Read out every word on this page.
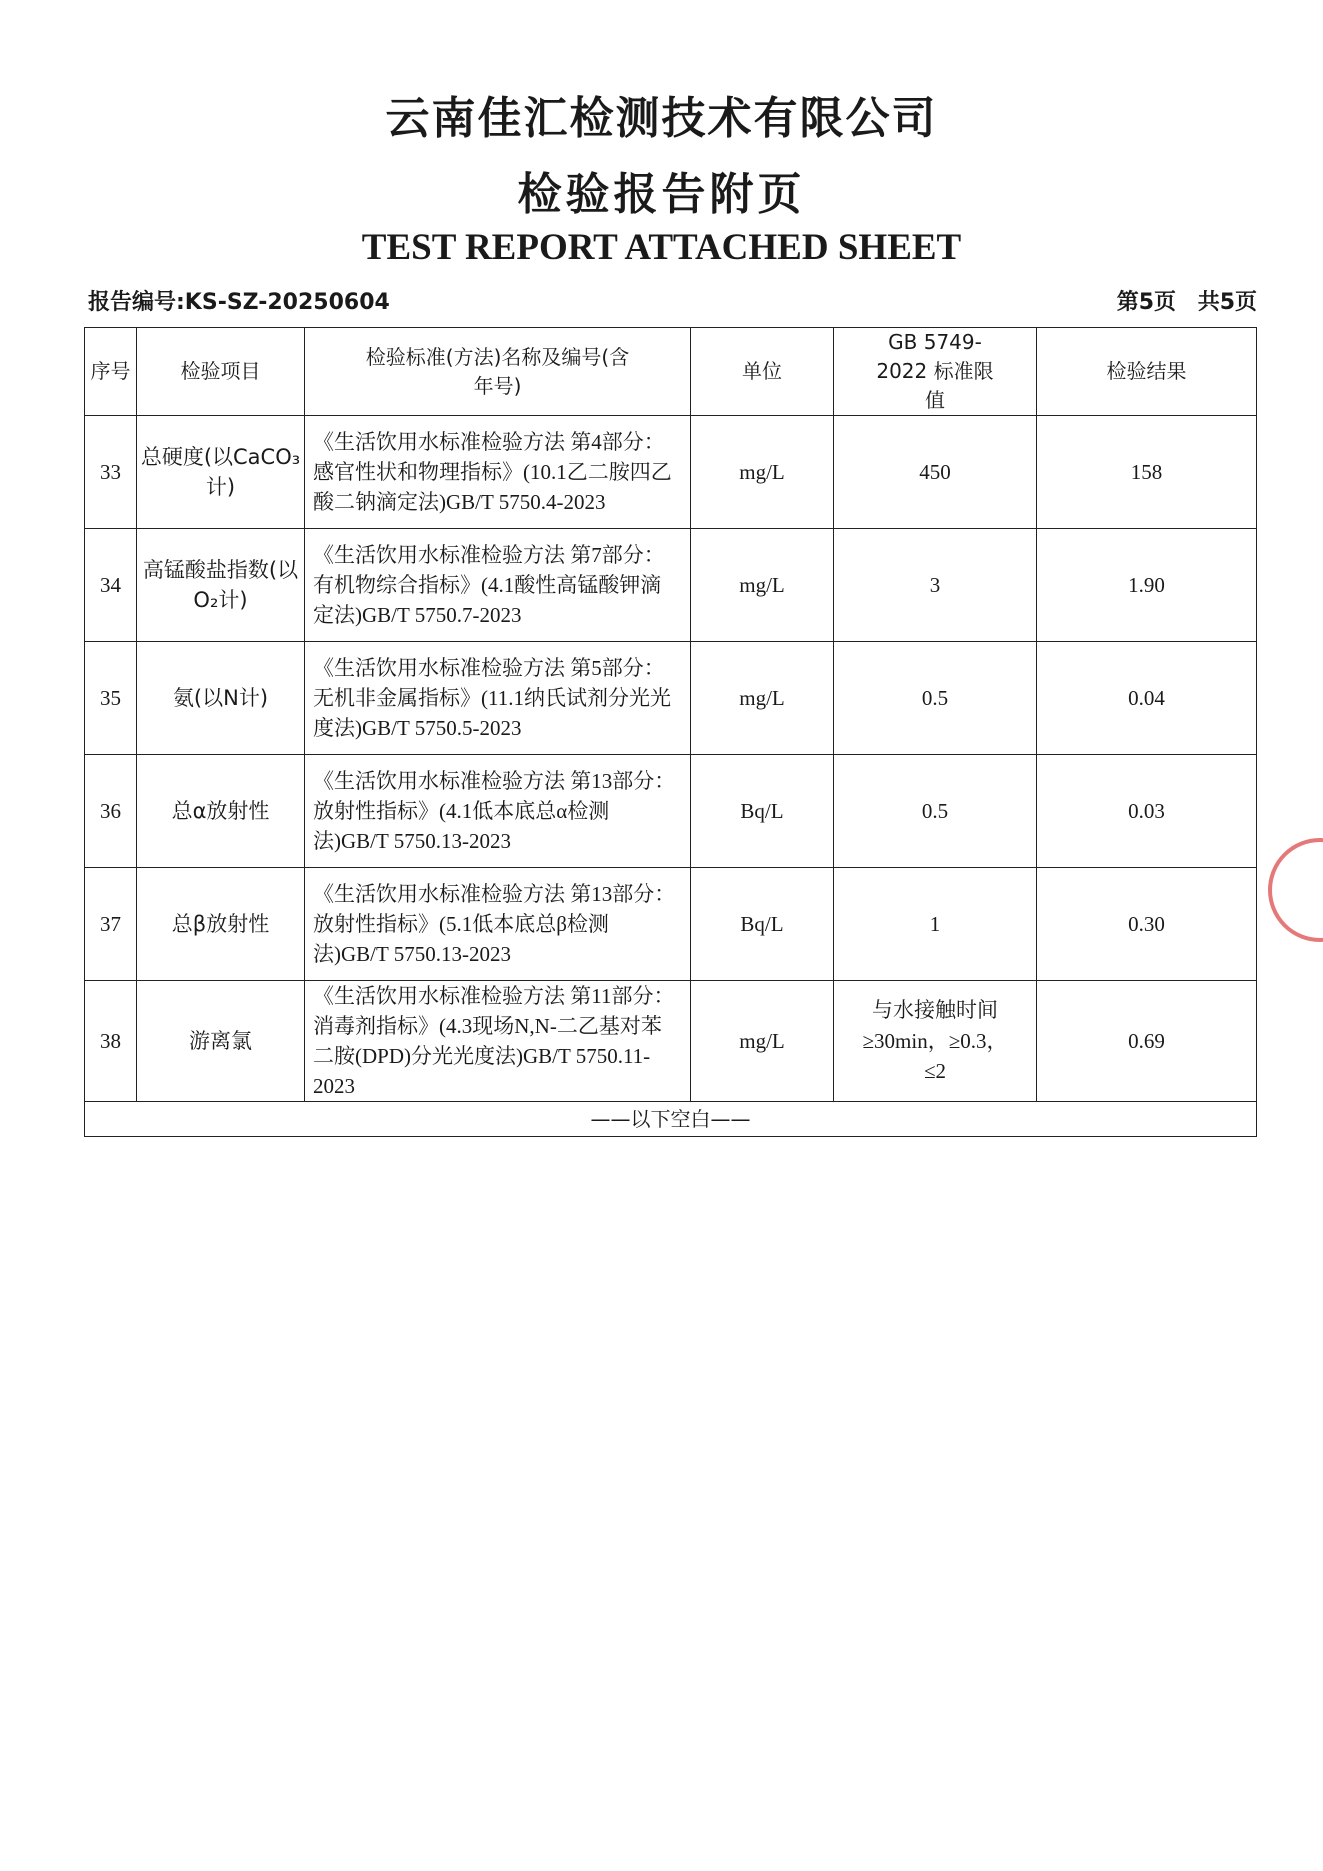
云南佳汇检测技术有限公司
检验报告附页
TEST REPORT ATTACHED SHEET
报告编号:KS-SZ-20250604	第5页 共5页
序号	检验项目	检验标准(方法)名称及编号(含年号)	单位	GB 5749-2022 标准限值	检验结果
33	总硬度(以CaCO₃计)	《生活饮用水标准检验方法 第4部分：感官性状和物理指标》(10.1乙二胺四乙酸二钠滴定法)GB/T 5750.4-2023	mg/L	450	158
34	高锰酸盐指数(以O₂计)	《生活饮用水标准检验方法 第7部分：有机物综合指标》(4.1酸性高锰酸钾滴定法)GB/T 5750.7-2023	mg/L	3	1.90
35	氨(以N计)	《生活饮用水标准检验方法 第5部分：无机非金属指标》(11.1纳氏试剂分光光度法)GB/T 5750.5-2023	mg/L	0.5	0.04
36	总α放射性	《生活饮用水标准检验方法 第13部分：放射性指标》(4.1低本底总α检测法)GB/T 5750.13-2023	Bq/L	0.5	0.03
37	总β放射性	《生活饮用水标准检验方法 第13部分：放射性指标》(5.1低本底总β检测法)GB/T 5750.13-2023	Bq/L	1	0.30
38	游离氯	《生活饮用水标准检验方法 第11部分：消毒剂指标》(4.3现场N,N-二乙基对苯二胺(DPD)分光光度法)GB/T 5750.11-2023	mg/L	与水接触时间≥30min，≥0.3，≤2	0.69
——以下空白——					
